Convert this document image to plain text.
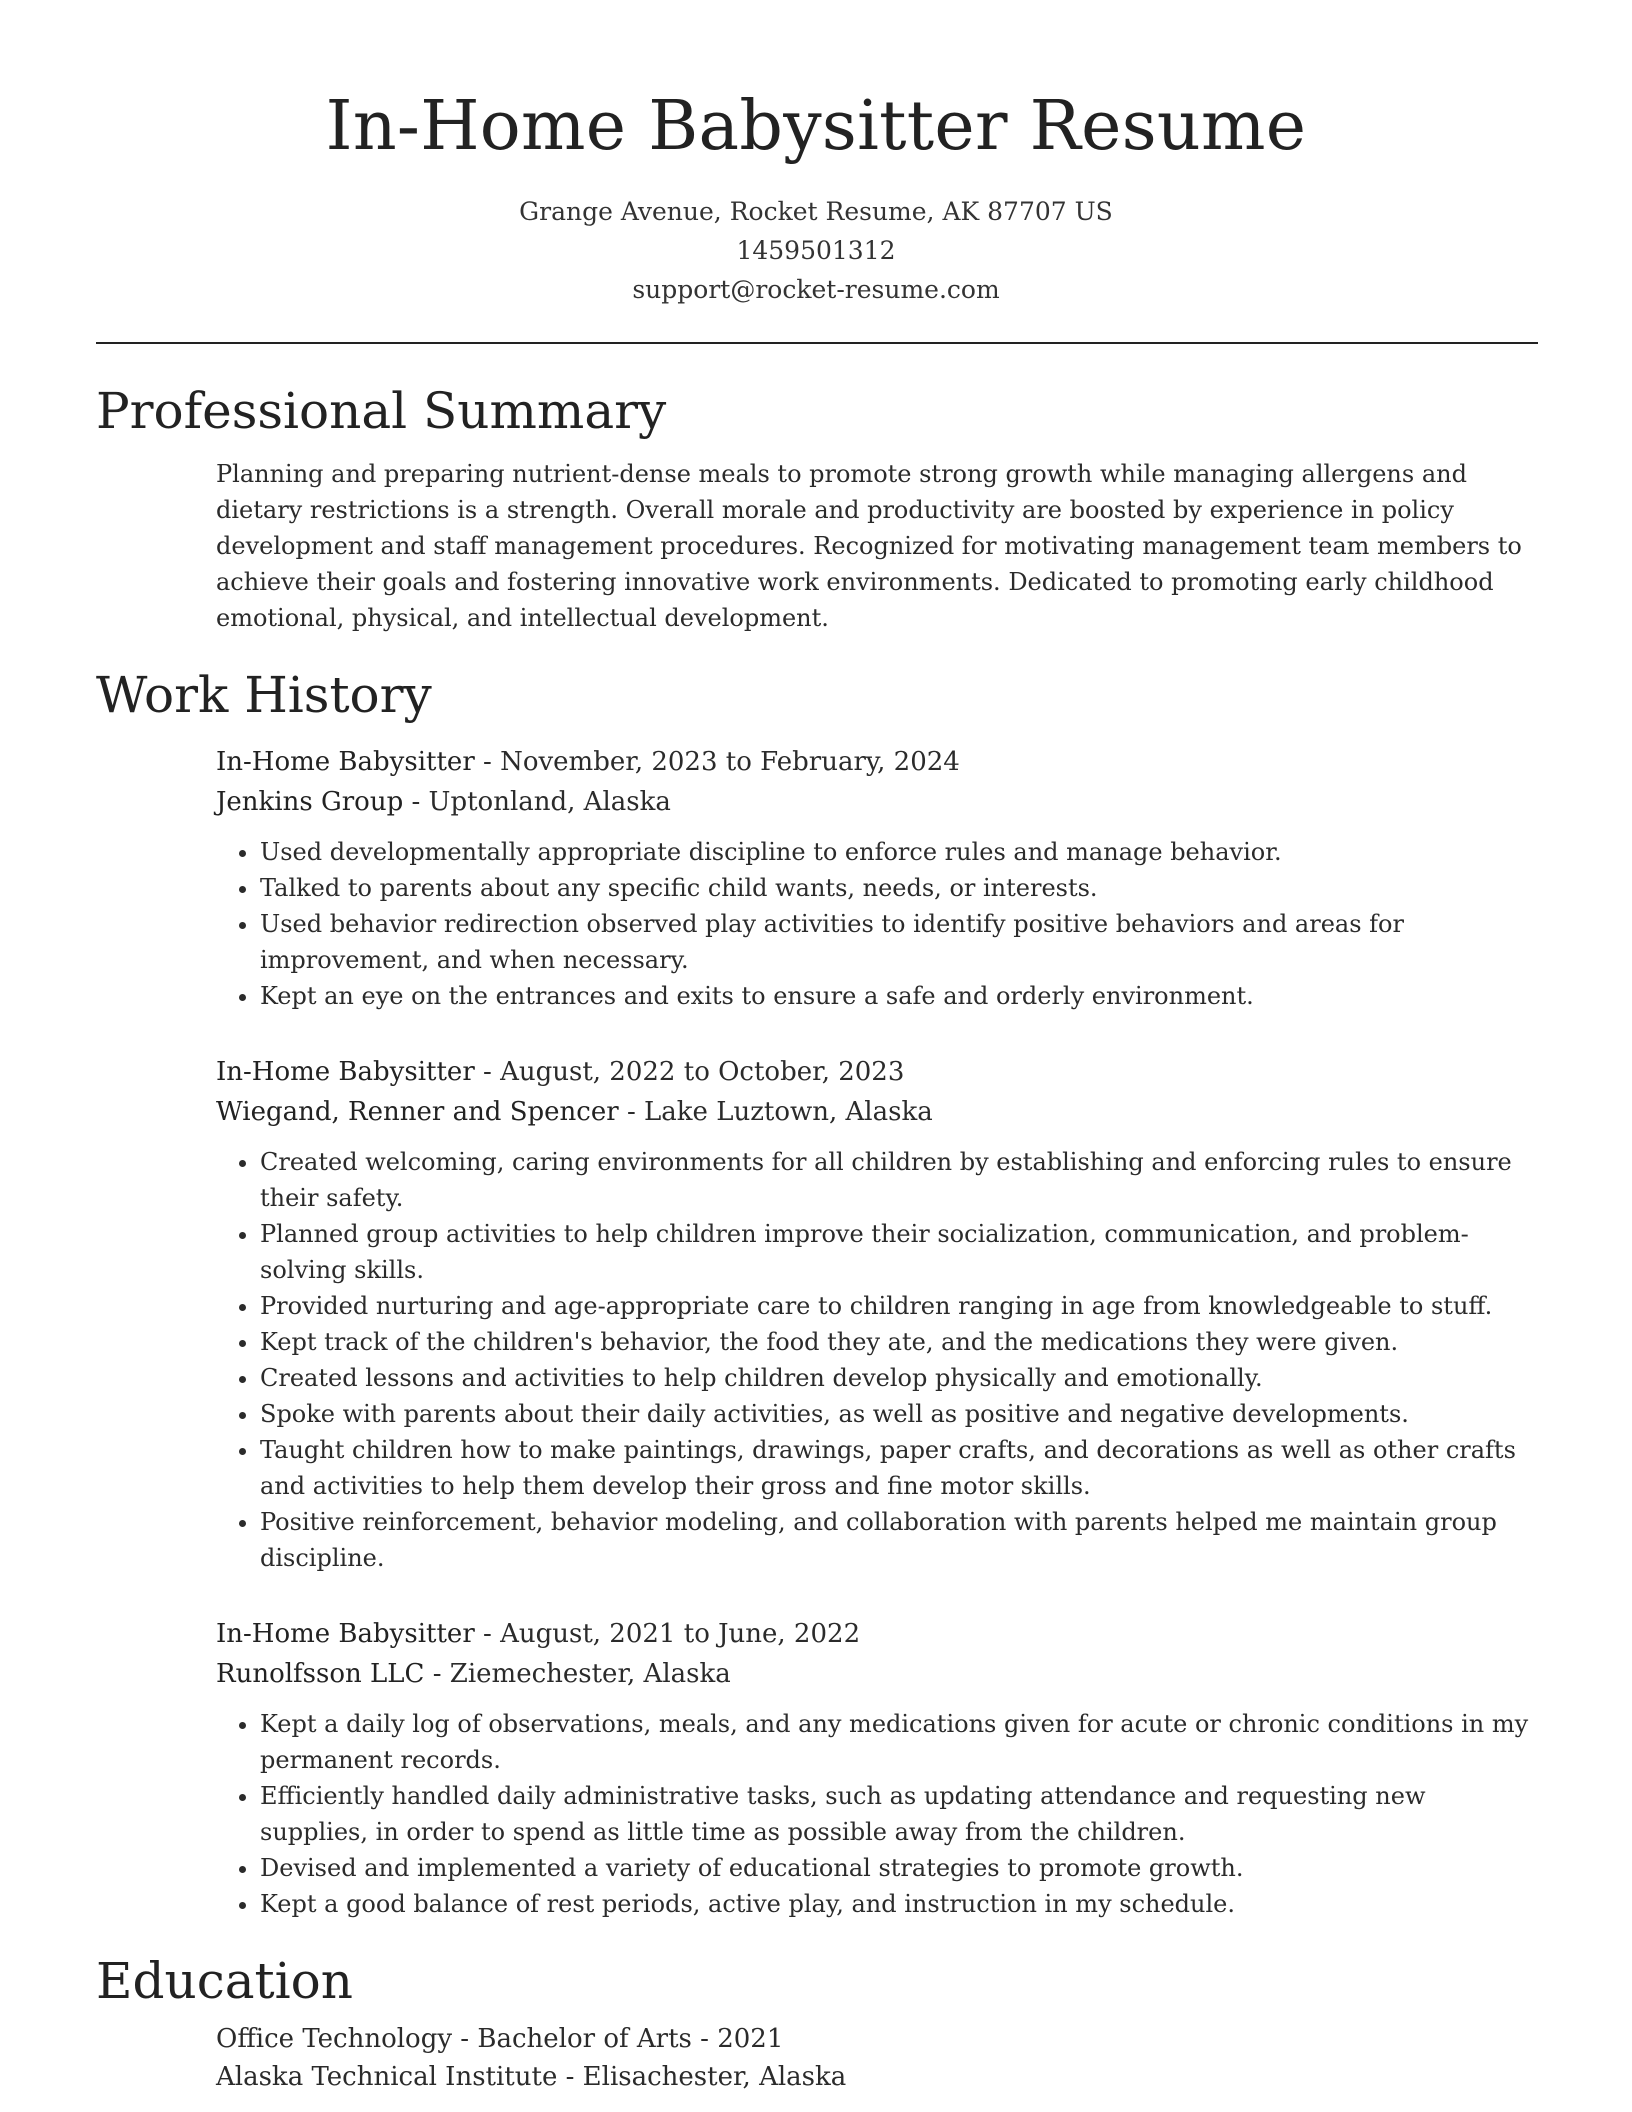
In-Home Babysitter Resume
Grange Avenue, Rocket Resume, AK 87707 US
1459501312
support@rocket-resume.com
Professional Summary

Planning and preparing nutrient-dense meals to promote strong growth while managing allergens and dietary restrictions is a strength. Overall morale and productivity are boosted by experience in policy development and staff management procedures. Recognized for motivating management team members to achieve their goals and fostering innovative work environments. Dedicated to promoting early childhood emotional, physical, and intellectual development.

Work History
In-Home Babysitter - November, 2023 to February, 2024
Jenkins Group - Uptonland, Alaska
• Used developmentally appropriate discipline to enforce rules and manage behavior.
• Talked to parents about any specific child wants, needs, or interests.
• Used behavior redirection observed play activities to identify positive behaviors and areas for improvement, and when necessary.
• Kept an eye on the entrances and exits to ensure a safe and orderly environment.
In-Home Babysitter - August, 2022 to October, 2023
Wiegand, Renner and Spencer - Lake Luztown, Alaska
• Created welcoming, caring environments for all children by establishing and enforcing rules to ensure their safety.
• Planned group activities to help children improve their socialization, communication, and problem-solving skills.
• Provided nurturing and age-appropriate care to children ranging in age from knowledgeable to stuff.
• Kept track of the children's behavior, the food they ate, and the medications they were given.
• Created lessons and activities to help children develop physically and emotionally.
• Spoke with parents about their daily activities, as well as positive and negative developments.
• Taught children how to make paintings, drawings, paper crafts, and decorations as well as other crafts and activities to help them develop their gross and fine motor skills.
• Positive reinforcement, behavior modeling, and collaboration with parents helped me maintain group discipline.
In-Home Babysitter - August, 2021 to June, 2022
Runolfsson LLC - Ziemechester, Alaska
• Kept a daily log of observations, meals, and any medications given for acute or chronic conditions in my permanent records.
• Efficiently handled daily administrative tasks, such as updating attendance and requesting new supplies, in order to spend as little time as possible away from the children.
• Devised and implemented a variety of educational strategies to promote growth.
• Kept a good balance of rest periods, active play, and instruction in my schedule.
Education
Office Technology - Bachelor of Arts - 2021
Alaska Technical Institute - Elisachester, Alaska
